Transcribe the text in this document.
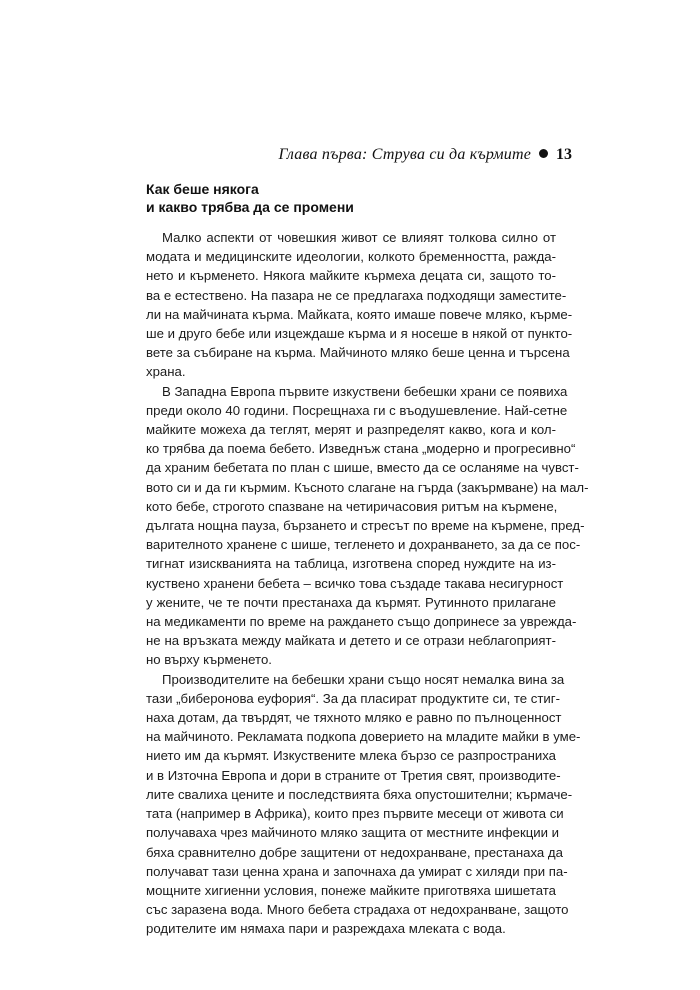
Глава първа: Струва си да кърмите 13
Как беше някога
и какво трябва да се промени
Малко аспекти от човешкия живот се влияят толкова силно от
модата и медицинските идеологии, колкото бременността, раждa-
нето и кърменето. Някога майките кърмеха децата си, защото то-
ва е естествено. На пазара не се предлагаха подходящи заместите-
ли на майчината кърма. Майката, която имаше повече мляко, кърме-
ше и друго бебе или изцеждаше кърма и я носеше в някой от пункто-
вете за събиране на кърма. Майчиното мляко беше ценна и търсена
храна.
В Западна Европа първите изкуствени бебешки храни се появиха
преди около 40 години. Посрещнаха ги с въодушевление. Най-сетне
майките можеха да теглят, мерят и разпределят какво, кога и кол-
ко трябва да поема бебето. Изведнъж стана „модерно и прогресивно“
да храним бебетата по план с шише, вместо да се осланяме на чувст-
вото си и да ги кърмим. Късното слагане на гърда (закърмване) на мал-
кото бебе, строгото спазване на четиричасовия ритъм на кърмене,
дългата нощна пауза, бързането и стресът по време на кърмене, пред-
варителното хранене с шише, теглeнето и дохранването, за да се пос-
тигнат изискванията на таблица, изготвена според нуждите на из-
куствено хранени бебета – всичко това създаде такава несигурност
у жените, че те почти престанаха да кърмят. Рутинното прилагане
на медикаменти по време на раждането също допринесе за увреждa-
не на връзката между майката и детето и се отрази неблагоприят-
но върху кърменето.
Производителите на бебешки храни също носят немалка вина за
тази „биберонова еуфория“. За да пласират продуктите си, те стиг-
наха дотам, да твърдят, че тяхното мляко е равно по пълноценност
на майчиното. Рекламата подкопа доверието на младите майки в уме-
нието им да кърмят. Изкуствените млека бързо се разпространиха
и в Източна Европа и дори в страните от Третия свят, производите-
лите свалиха цените и последствията бяха опустошителни; кърмаче-
тата (например в Африка), които през първите месеци от живота си
получаваха чрез майчиното мляко защита от местните инфекции и
бяха сравнително добре защитени от недохранване, престанаха да
получават тази ценна храна и започнаха да умират с хиляди при па-
мощните хигиенни условия, понеже майките приготвяха шишетата
със заразена вода. Много бебета страдаха от недохранване, защото
родителите им нямаха пари и разреждаха млеката с вода.
